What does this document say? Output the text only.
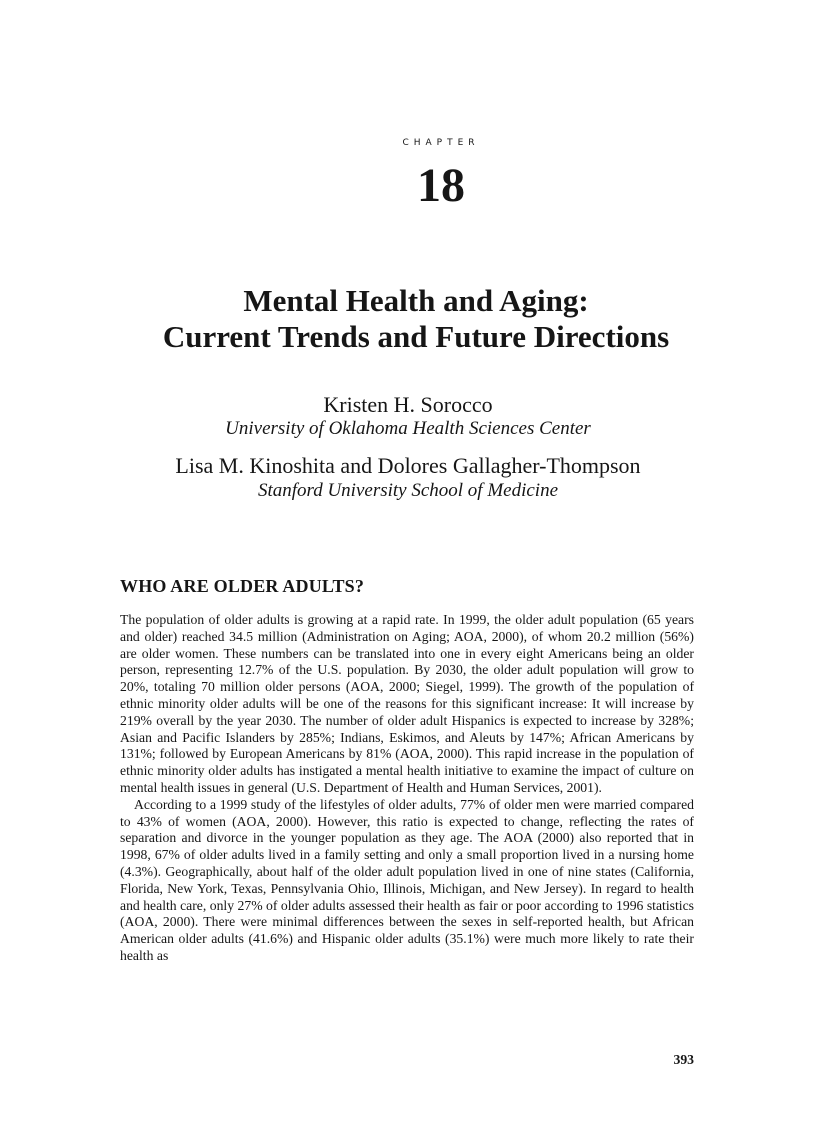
CHAPTER
18
Mental Health and Aging:
Current Trends and Future Directions
Kristen H. Sorocco
University of Oklahoma Health Sciences Center
Lisa M. Kinoshita and Dolores Gallagher-Thompson
Stanford University School of Medicine
WHO ARE OLDER ADULTS?

The population of older adults is growing at a rapid rate. In 1999, the older adult population (65 years and older) reached 34.5 million (Administration on Aging; AOA, 2000), of whom 20.2 million (56%) are older women. These numbers can be translated into one in every eight Americans being an older person, representing 12.7% of the U.S. population. By 2030, the older adult population will grow to 20%, totaling 70 million older persons (AOA, 2000; Siegel, 1999). The growth of the population of ethnic minority older adults will be one of the reasons for this significant increase: It will increase by 219% overall by the year 2030. The number of older adult Hispanics is expected to increase by 328%; Asian and Pacific Islanders by 285%; Indians, Eskimos, and Aleuts by 147%; African Americans by 131%; followed by European Americans by 81% (AOA, 2000). This rapid increase in the population of ethnic minority older adults has instigated a mental health initiative to examine the impact of culture on mental health issues in general (U.S. Department of Health and Human Services, 2001).

According to a 1999 study of the lifestyles of older adults, 77% of older men were married compared to 43% of women (AOA, 2000). However, this ratio is expected to change, reflecting the rates of separation and divorce in the younger population as they age. The AOA (2000) also reported that in 1998, 67% of older adults lived in a family setting and only a small proportion lived in a nursing home (4.3%). Geographically, about half of the older adult population lived in one of nine states (California, Florida, New York, Texas, Pennsylvania Ohio, Illinois, Michigan, and New Jersey). In regard to health and health care, only 27% of older adults assessed their health as fair or poor according to 1996 statistics (AOA, 2000). There were minimal differences between the sexes in self-reported health, but African American older adults (41.6%) and Hispanic older adults (35.1%) were much more likely to rate their health as

393
